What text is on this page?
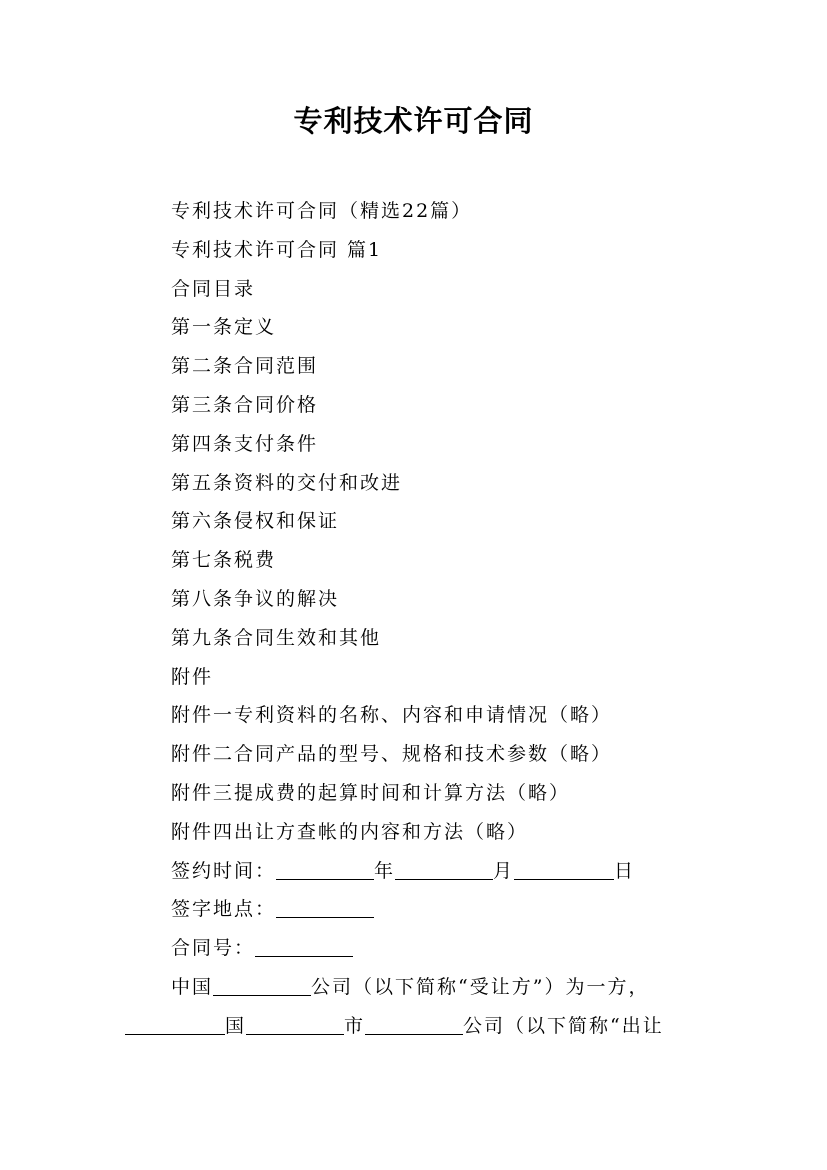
专利技术许可合同
专利技术许可合同（精选22篇）
专利技术许可合同 篇1
合同目录
第一条定义
第二条合同范围
第三条合同价格
第四条支付条件
第五条资料的交付和改进
第六条侵权和保证
第七条税费
第八条争议的解决
第九条合同生效和其他
附件
附件一专利资料的名称、内容和申请情况（略）
附件二合同产品的型号、规格和技术参数（略）
附件三提成费的起算时间和计算方法（略）
附件四出让方查帐的内容和方法（略）
签约时间：	年	月	日
签字地点：
合同号：
中国	公司（以下简称“受让方”）为一方，
国	市	公司（以下简称“出让
